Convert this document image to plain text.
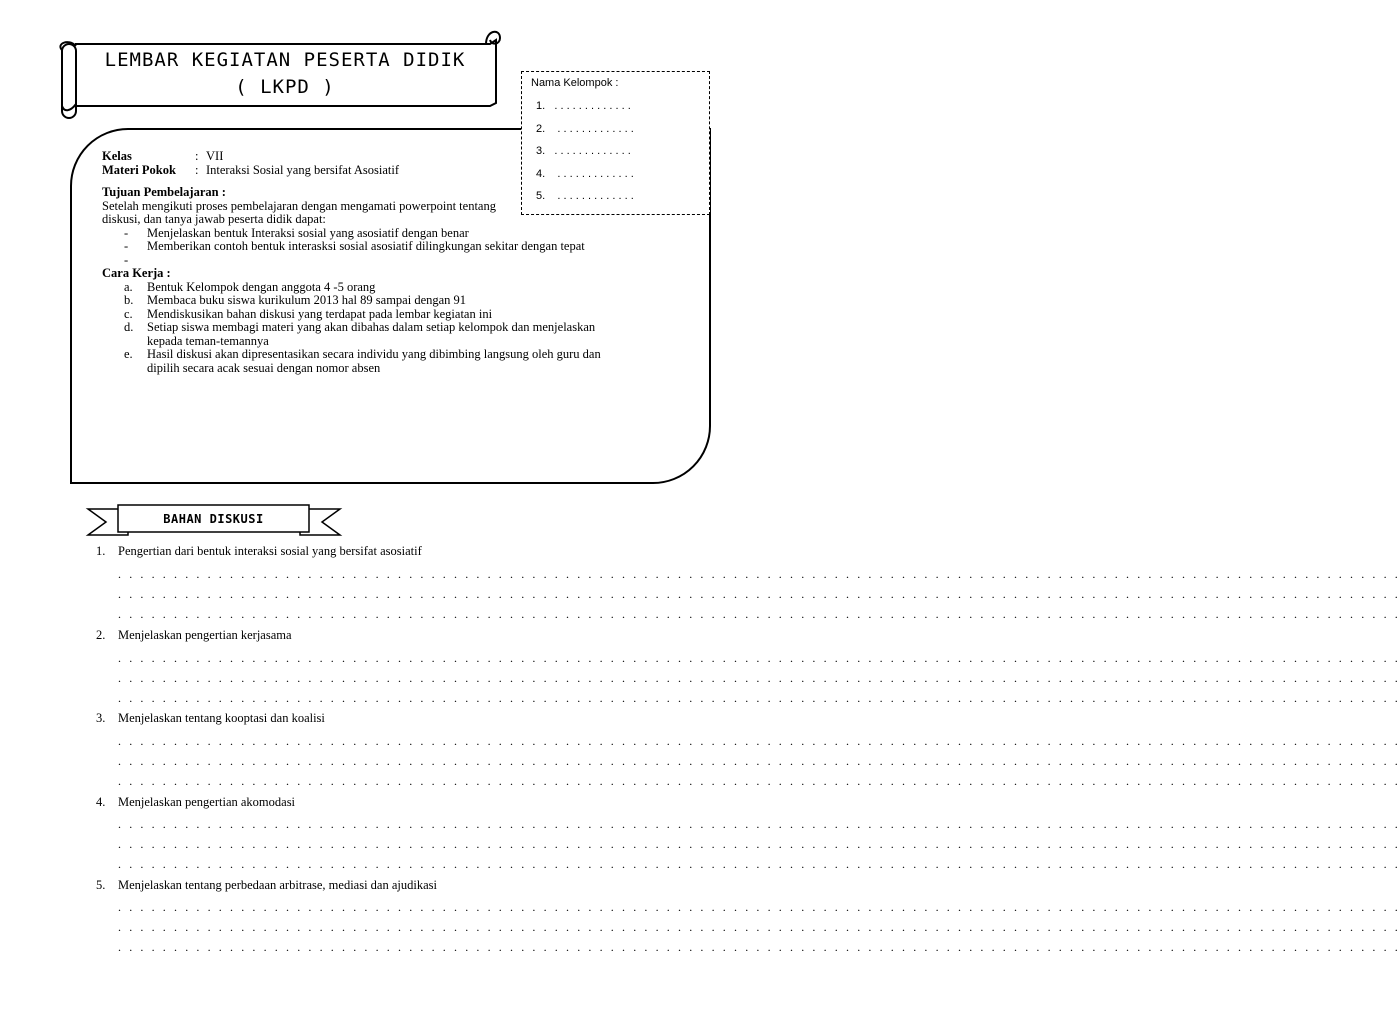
LEMBAR KEGIATAN PESERTA DIDIK
( LKPD )	Nama Kelompok :
1.   . . . . . . . . . . . . .
2.    . . . . . . . . . . . . .
3.   . . . . . . . . . . . . .
4.    . . . . . . . . . . . . .
5.    . . . . . . . . . . . . .
Kelas	: VII
Materi Pokok : Interaksi Sosial yang bersifat Asosiatif
Tujuan Pembelajaran :
Setelah mengikuti proses pembelajaran dengan mengamati powerpoint tentang
diskusi, dan tanya jawab peserta didik dapat:
- Menjelaskan bentuk Interaksi sosial yang asosiatif dengan benar
- Memberikan contoh bentuk interasksi sosial asosiatif dilingkungan sekitar dengan tepat
-
Cara Kerja :
a. Bentuk Kelompok dengan anggota 4 -5 orang
b. Membaca buku siswa kurikulum 2013 hal 89 sampai dengan 91
c. Mendiskusikan bahan diskusi yang terdapat pada lembar kegiatan ini
d. Setiap siswa membagi materi yang akan dibahas dalam setiap kelompok dan menjelaskan
kepada teman-temannya
e. Hasil diskusi akan dipresentasikan secara individu yang dibimbing langsung oleh guru dan
dipilih secara acak sesuai dengan nomor absen
BAHAN DISKUSI
1. Pengertian dari bentuk interaksi sosial yang bersifat asosiatif
. . . . . . . . . . . . . . . . . . . . . . . . . . . . . . . . . . . . . . . . . . . . . . . . . . . . . . . . . . . . . . . . . . . . . . . . . . . . . . . . . . . . . . . . . . . . . . . . . . . . . . . . . . . . . . . . . . .
. . . . . . . . . . . . . . . . . . . . . . . . . . . . . . . . . . . . . . . . . . . . . . . . . . . . . . . . . . . . . . . . . . . . . . . . . . . . . . . . . . . . . . . . . . . . . . . . . . . . . . . . . . . . . . . . . . .
. . . . . . . . . . . . . . . . . . . . . . . . . . . . . . . . . . . . . . . . . . . . . . . . . . . . . . . . . . . . . . . . . . . . . . . . . . . . . . . . . . . . . . . . . . . . . . . . . . . . . . . . . . . . . . . . . . .
2. Menjelaskan pengertian kerjasama
. . . . . . . . . . . . . . . . . . . . . . . . . . . . . . . . . . . . . . . . . . . . . . . . . . . . . . . . . . . . . . . . . . . . . . . . . . . . . . . . . . . . . . . . . . . . . . . . . . . . . . . . . . . . . . . . . . .
. . . . . . . . . . . . . . . . . . . . . . . . . . . . . . . . . . . . . . . . . . . . . . . . . . . . . . . . . . . . . . . . . . . . . . . . . . . . . . . . . . . . . . . . . . . . . . . . . . . . . . . . . . . . . . . . . . .
. . . . . . . . . . . . . . . . . . . . . . . . . . . . . . . . . . . . . . . . . . . . . . . . . . . . . . . . . . . . . . . . . . . . . . . . . . . . . . . . . . . . . . . . . . . . . . . . . . . . . . . . . . . . . . . . . . .
3. Menjelaskan tentang kooptasi dan koalisi
. . . . . . . . . . . . . . . . . . . . . . . . . . . . . . . . . . . . . . . . . . . . . . . . . . . . . . . . . . . . . . . . . . . . . . . . . . . . . . . . . . . . . . . . . . . . . . . . . . . . . . . . . . . . . . . . . . .
. . . . . . . . . . . . . . . . . . . . . . . . . . . . . . . . . . . . . . . . . . . . . . . . . . . . . . . . . . . . . . . . . . . . . . . . . . . . . . . . . . . . . . . . . . . . . . . . . . . . . . . . . . . . . . . . . . .
. . . . . . . . . . . . . . . . . . . . . . . . . . . . . . . . . . . . . . . . . . . . . . . . . . . . . . . . . . . . . . . . . . . . . . . . . . . . . . . . . . . . . . . . . . . . . . . . . . . . . . . . . . . . . . . . . . .
4. Menjelaskan pengertian akomodasi
. . . . . . . . . . . . . . . . . . . . . . . . . . . . . . . . . . . . . . . . . . . . . . . . . . . . . . . . . . . . . . . . . . . . . . . . . . . . . . . . . . . . . . . . . . . . . . . . . . . . . . . . . . . . . . . . . . .
. . . . . . . . . . . . . . . . . . . . . . . . . . . . . . . . . . . . . . . . . . . . . . . . . . . . . . . . . . . . . . . . . . . . . . . . . . . . . . . . . . . . . . . . . . . . . . . . . . . . . . . . . . . . . . . . . . .
. . . . . . . . . . . . . . . . . . . . . . . . . . . . . . . . . . . . . . . . . . . . . . . . . . . . . . . . . . . . . . . . . . . . . . . . . . . . . . . . . . . . . . . . . . . . . . . . . . . . . . . . . . . . . . . . . . .
5. Menjelaskan tentang perbedaan arbitrase, mediasi dan ajudikasi
. . . . . . . . . . . . . . . . . . . . . . . . . . . . . . . . . . . . . . . . . . . . . . . . . . . . . . . . . . . . . . . . . . . . . . . . . . . . . . . . . . . . . . . . . . . . . . . . . . . . . . . . . . . . . . . . . . .
. . . . . . . . . . . . . . . . . . . . . . . . . . . . . . . . . . . . . . . . . . . . . . . . . . . . . . . . . . . . . . . . . . . . . . . . . . . . . . . . . . . . . . . . . . . . . . . . . . . . . . . . . . . . . . . . . . .
. . . . . . . . . . . . . . . . . . . . . . . . . . . . . . . . . . . . . . . . . . . . . . . . . . . . . . . . . . . . . . . . . . . . . . . . . . . . . . . . . . . . . . . . . . . . . . . . . . . . . . . . . . . . . . . . . . .
